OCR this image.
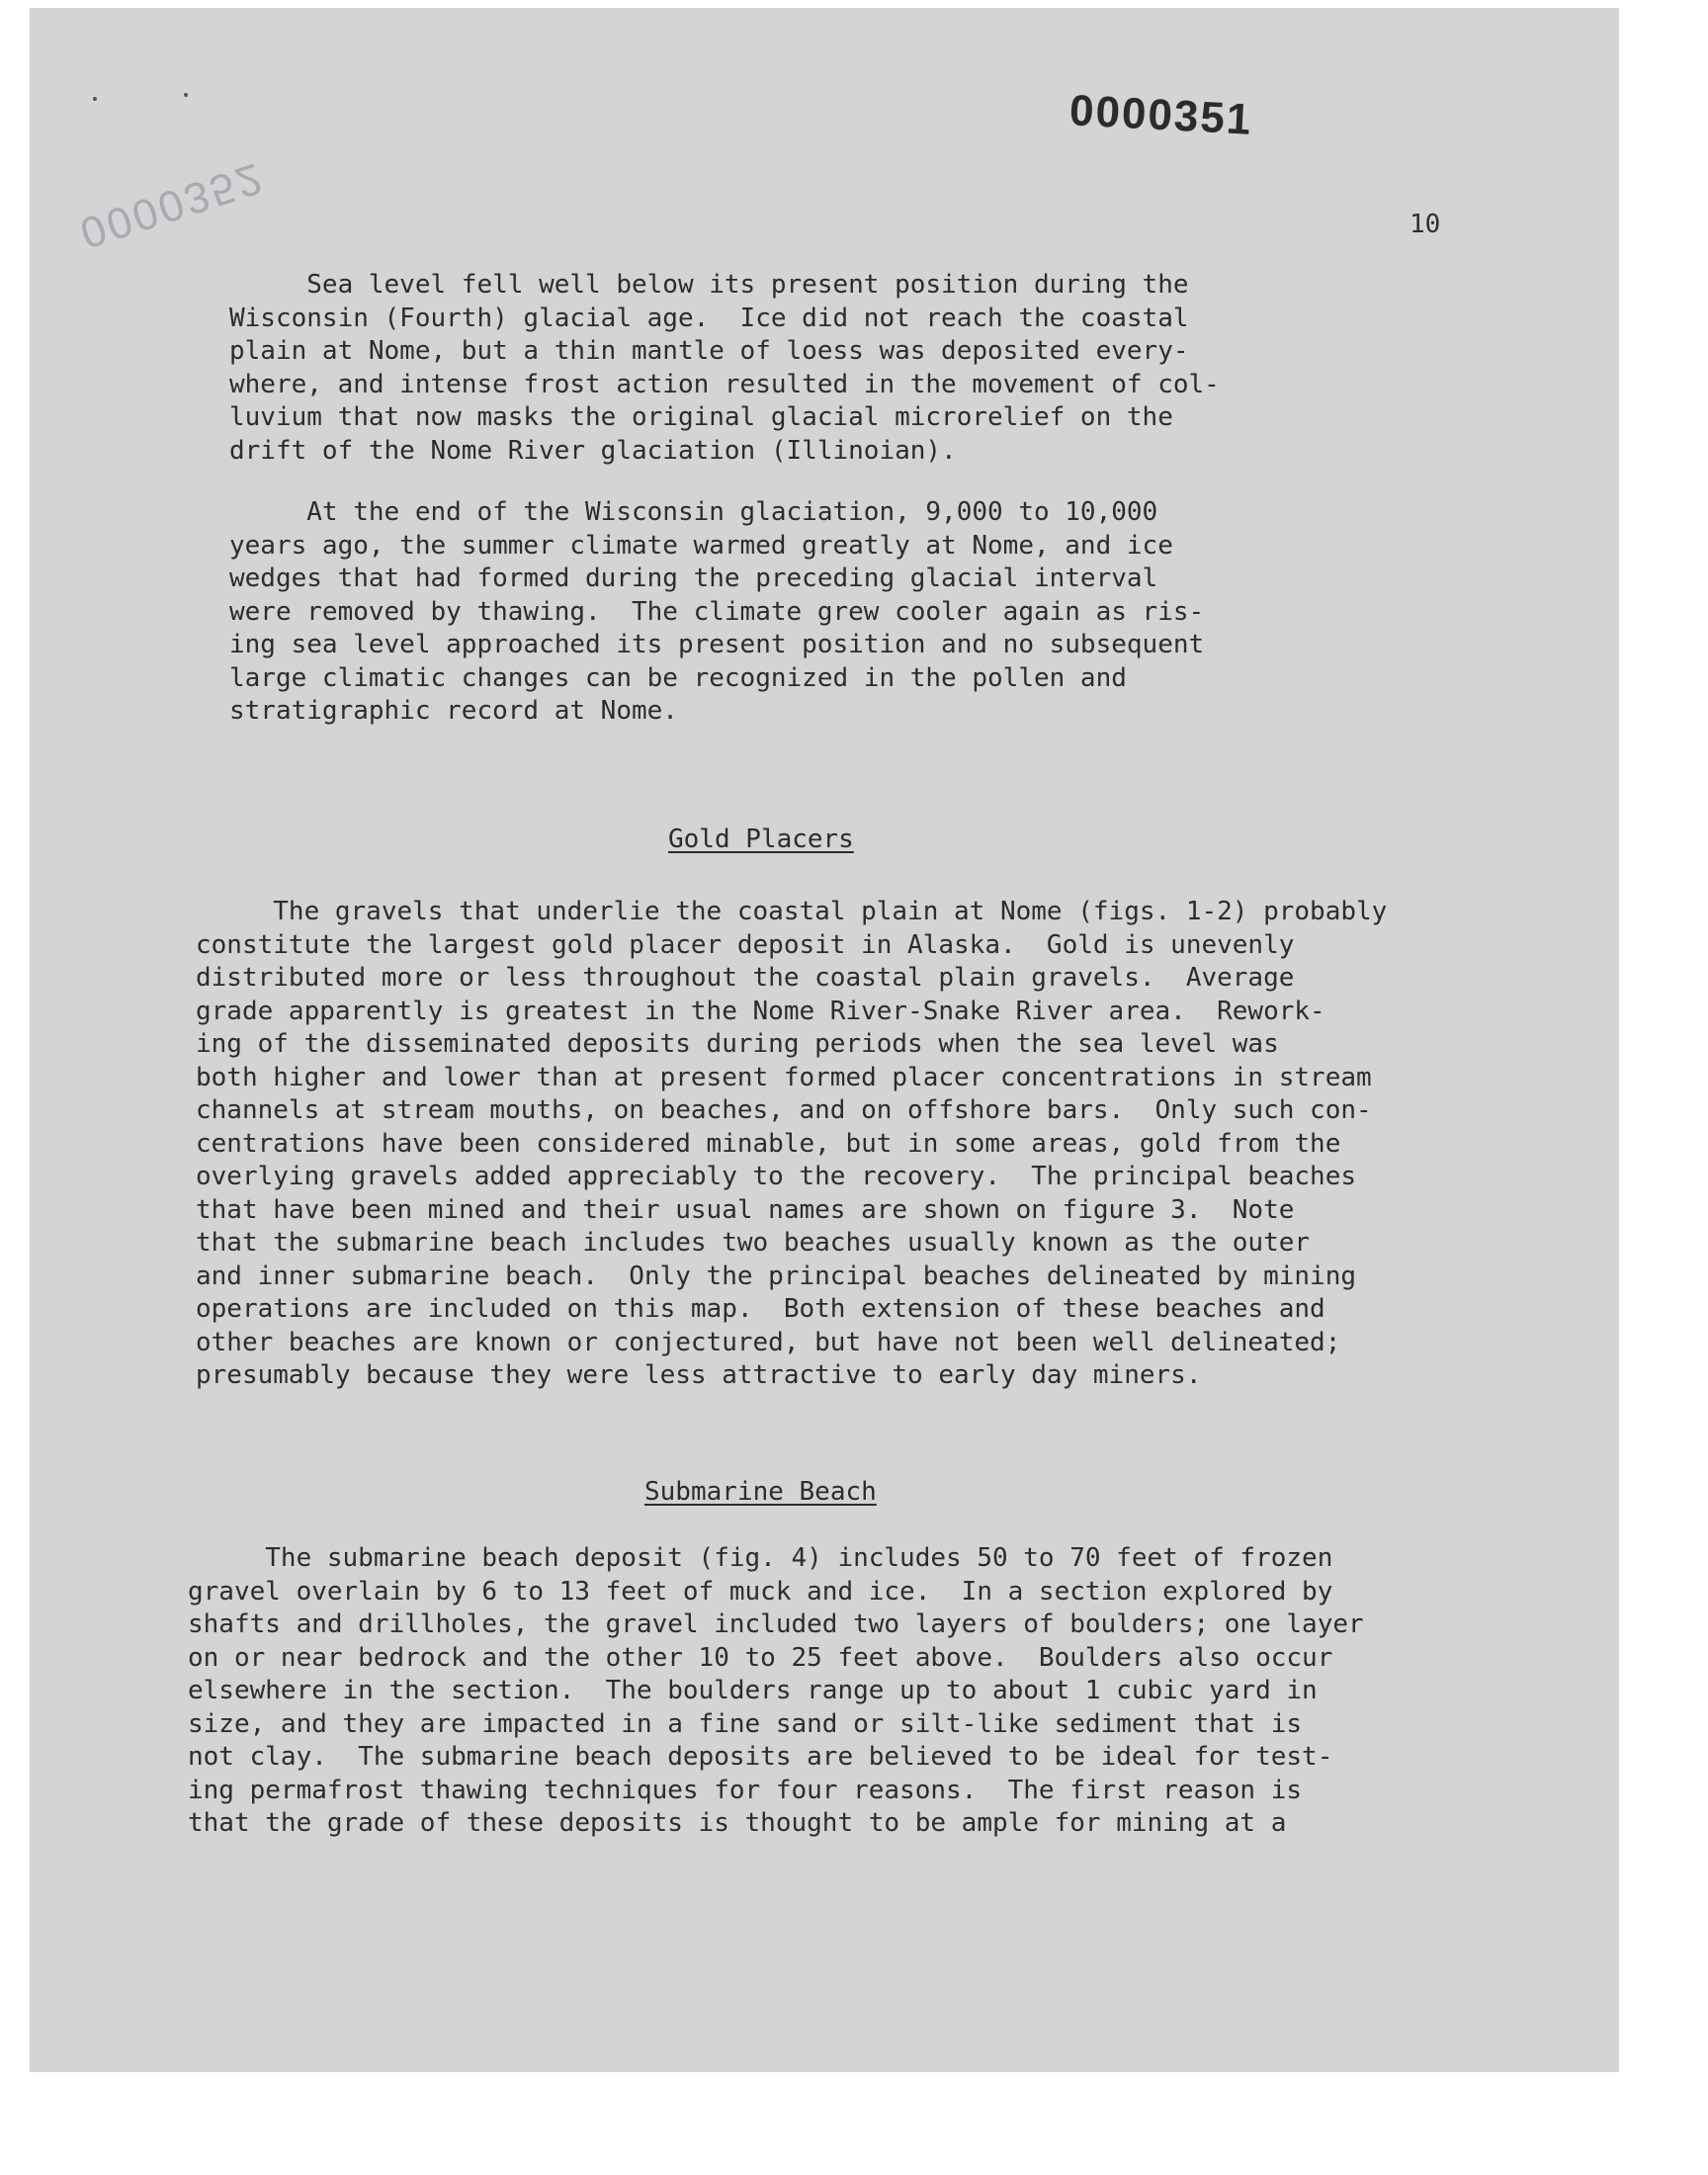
0000351
0000352	10
Sea level fell well below its present position during the
Wisconsin (Fourth) glacial age.  Ice did not reach the coastal
plain at Nome, but a thin mantle of loess was deposited every-
where, and intense frost action resulted in the movement of col-
luvium that now masks the original glacial microrelief on the
drift of the Nome River glaciation (Illinoian).
At the end of the Wisconsin glaciation, 9,000 to 10,000
years ago, the summer climate warmed greatly at Nome, and ice
wedges that had formed during the preceding glacial interval
were removed by thawing.  The climate grew cooler again as ris-
ing sea level approached its present position and no subsequent
large climatic changes can be recognized in the pollen and
stratigraphic record at Nome.
Gold Placers
The gravels that underlie the coastal plain at Nome (figs. 1-2) probably
constitute the largest gold placer deposit in Alaska.  Gold is unevenly
distributed more or less throughout the coastal plain gravels.  Average
grade apparently is greatest in the Nome River-Snake River area.  Rework-
ing of the disseminated deposits during periods when the sea level was
both higher and lower than at present formed placer concentrations in stream
channels at stream mouths, on beaches, and on offshore bars.  Only such con-
centrations have been considered minable, but in some areas, gold from the
overlying gravels added appreciably to the recovery.  The principal beaches
that have been mined and their usual names are shown on figure 3.  Note
that the submarine beach includes two beaches usually known as the outer
and inner submarine beach.  Only the principal beaches delineated by mining
operations are included on this map.  Both extension of these beaches and
other beaches are known or conjectured, but have not been well delineated;
presumably because they were less attractive to early day miners.
Submarine Beach
The submarine beach deposit (fig. 4) includes 50 to 70 feet of frozen
gravel overlain by 6 to 13 feet of muck and ice.  In a section explored by
shafts and drillholes, the gravel included two layers of boulders; one layer
on or near bedrock and the other 10 to 25 feet above.  Boulders also occur
elsewhere in the section.  The boulders range up to about 1 cubic yard in
size, and they are impacted in a fine sand or silt-like sediment that is
not clay.  The submarine beach deposits are believed to be ideal for test-
ing permafrost thawing techniques for four reasons.  The first reason is
that the grade of these deposits is thought to be ample for mining at a
